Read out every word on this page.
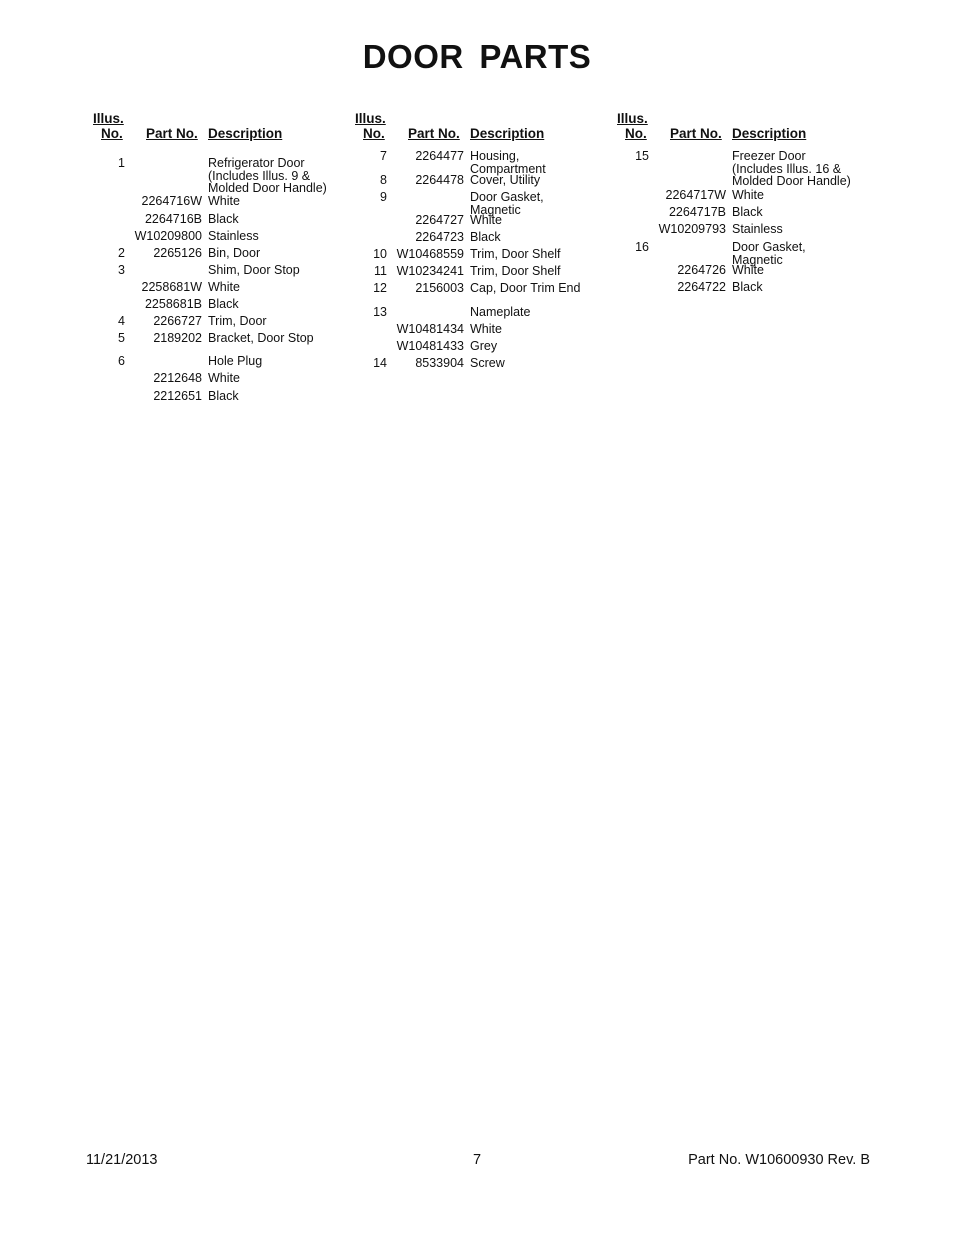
DOOR PARTS
Illus.
No. Part No. Description
1	Refrigerator Door (Includes Illus. 9 & Molded Door Handle)
2264716W White
2264716B Black
W10209800 Stainless
2	2265126 Bin, Door
3	Shim, Door Stop
2258681W White
2258681B Black
4	2266727 Trim, Door
5	2189202 Bracket, Door Stop
6	Hole Plug
2212648 White
2212651 Black
Illus.
No. Part No. Description
7	2264477 Housing, Compartment
8	2264478 Cover, Utility
9	Door Gasket, Magnetic
2264727 White
2264723 Black
10 W10468559 Trim, Door Shelf
11 W10234241 Trim, Door Shelf
12	2156003 Cap, Door Trim End
13	Nameplate
W10481434 White
W10481433 Grey
14	8533904 Screw
Illus.
No. Part No. Description
15	Freezer Door (Includes Illus. 16 & Molded Door Handle)
2264717W White
2264717B Black
W10209793 Stainless
16	Door Gasket, Magnetic
2264726 White
2264722 Black
11/21/2013	7	Part No. W10600930 Rev. B
